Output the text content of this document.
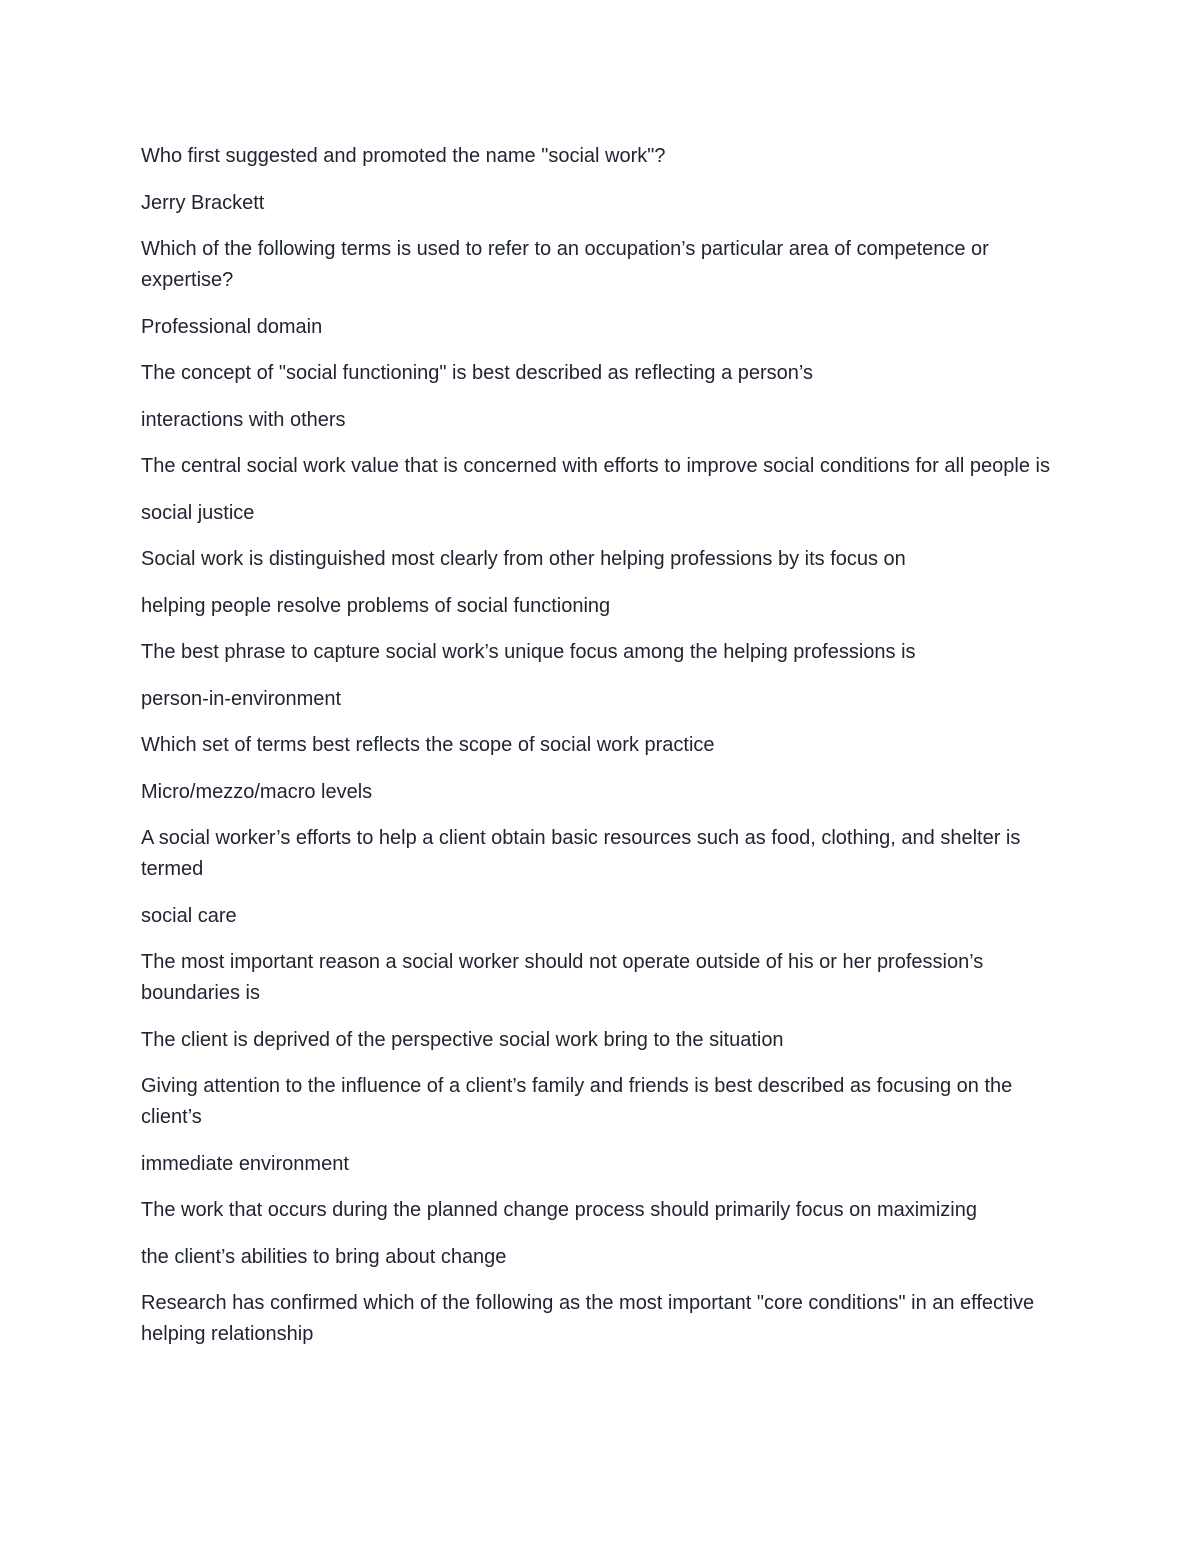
Who first suggested and promoted the name "social work"?

Jerry Brackett

Which of the following terms is used to refer to an occupation’s particular area of competence or expertise?

Professional domain

The concept of "social functioning" is best described as reflecting a person’s

interactions with others

The central social work value that is concerned with efforts to improve social conditions for all people is

social justice

Social work is distinguished most clearly from other helping professions by its focus on

helping people resolve problems of social functioning

The best phrase to capture social work’s unique focus among the helping professions is

person-in-environment

Which set of terms best reflects the scope of social work practice

Micro/mezzo/macro levels

A social worker’s efforts to help a client obtain basic resources such as food, clothing, and shelter is termed

social care

The most important reason a social worker should not operate outside of his or her profession’s boundaries is

The client is deprived of the perspective social work bring to the situation

Giving attention to the influence of a client’s family and friends is best described as focusing on the client’s

immediate environment

The work that occurs during the planned change process should primarily focus on maximizing

the client’s abilities to bring about change

Research has confirmed which of the following as the most important "core conditions" in an effective helping relationship
